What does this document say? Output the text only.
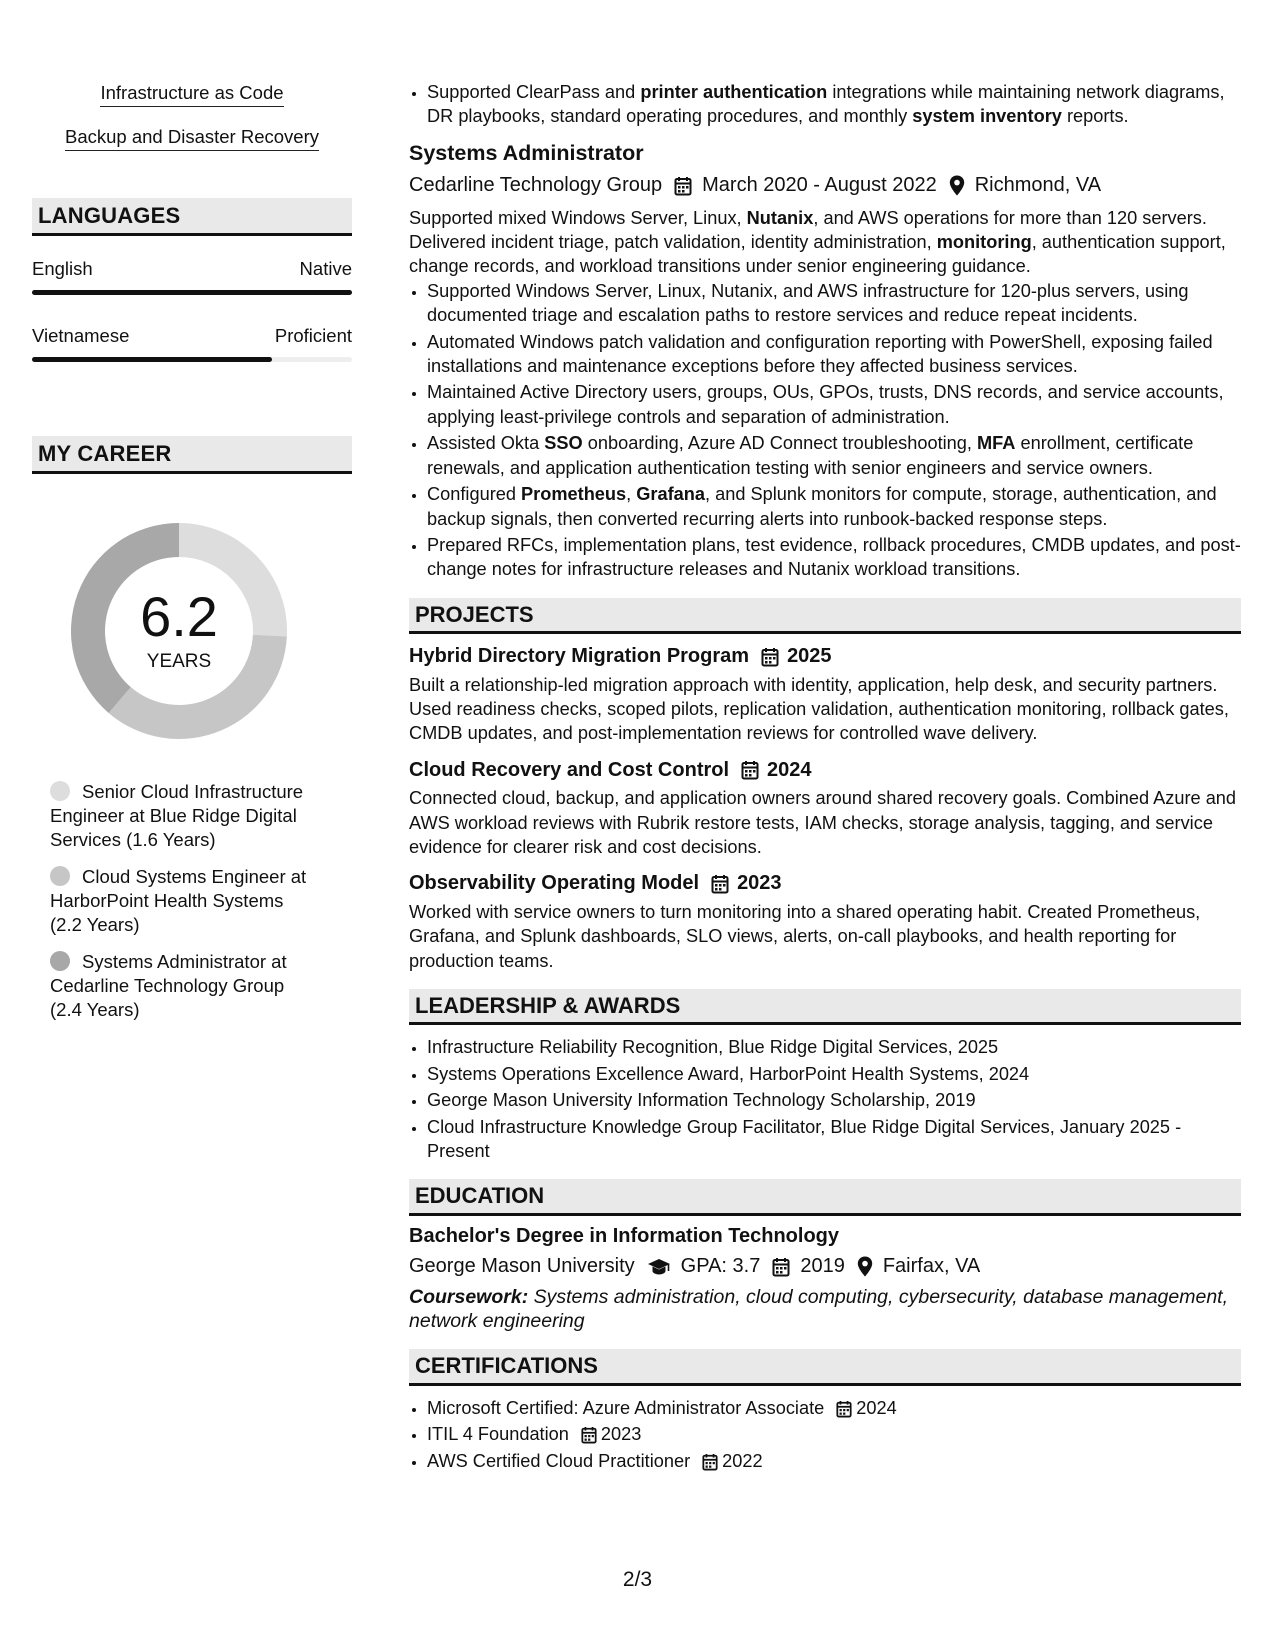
Infrastructure as Code
Backup and Disaster Recovery
LANGUAGES
English	Native
Vietnamese	Proficient
MY CAREER
6.2
YEARS
Senior Cloud Infrastructure Engineer at Blue Ridge Digital Services (1.6 Years)
Cloud Systems Engineer at HarborPoint Health Systems (2.2 Years)
Systems Administrator at Cedarline Technology Group (2.4 Years)
• Supported ClearPass and printer authentication integrations while maintaining network diagrams, DR playbooks, standard operating procedures, and monthly system inventory reports.
Systems Administrator
Cedarline Technology Group March 2020 - August 2022 Richmond, VA
Supported mixed Windows Server, Linux, Nutanix, and AWS operations for more than 120 servers. Delivered incident triage, patch validation, identity administration, monitoring, authentication support, change records, and workload transitions under senior engineering guidance.
• Supported Windows Server, Linux, Nutanix, and AWS infrastructure for 120-plus servers, using documented triage and escalation paths to restore services and reduce repeat incidents.
• Automated Windows patch validation and configuration reporting with PowerShell, exposing failed installations and maintenance exceptions before they affected business services.
• Maintained Active Directory users, groups, OUs, GPOs, trusts, DNS records, and service accounts, applying least-privilege controls and separation of administration.
• Assisted Okta SSO onboarding, Azure AD Connect troubleshooting, MFA enrollment, certificate renewals, and application authentication testing with senior engineers and service owners.
• Configured Prometheus, Grafana, and Splunk monitors for compute, storage, authentication, and backup signals, then converted recurring alerts into runbook-backed response steps.
• Prepared RFCs, implementation plans, test evidence, rollback procedures, CMDB updates, and post-change notes for infrastructure releases and Nutanix workload transitions.
PROJECTS
Hybrid Directory Migration Program 2025
Built a relationship-led migration approach with identity, application, help desk, and security partners. Used readiness checks, scoped pilots, replication validation, authentication monitoring, rollback gates, CMDB updates, and post-implementation reviews for controlled wave delivery.
Cloud Recovery and Cost Control 2024
Connected cloud, backup, and application owners around shared recovery goals. Combined Azure and AWS workload reviews with Rubrik restore tests, IAM checks, storage analysis, tagging, and service evidence for clearer risk and cost decisions.
Observability Operating Model 2023
Worked with service owners to turn monitoring into a shared operating habit. Created Prometheus, Grafana, and Splunk dashboards, SLO views, alerts, on-call playbooks, and health reporting for production teams.
LEADERSHIP & AWARDS
• Infrastructure Reliability Recognition, Blue Ridge Digital Services, 2025
• Systems Operations Excellence Award, HarborPoint Health Systems, 2024
• George Mason University Information Technology Scholarship, 2019
• Cloud Infrastructure Knowledge Group Facilitator, Blue Ridge Digital Services, January 2025 - Present
EDUCATION
Bachelor's Degree in Information Technology
George Mason University GPA: 3.7 2019 Fairfax, VA
Coursework: Systems administration, cloud computing, cybersecurity, database management, network engineering
CERTIFICATIONS
• Microsoft Certified: Azure Administrator Associate 2024
• ITIL 4 Foundation 2023
• AWS Certified Cloud Practitioner 2022
2/3
